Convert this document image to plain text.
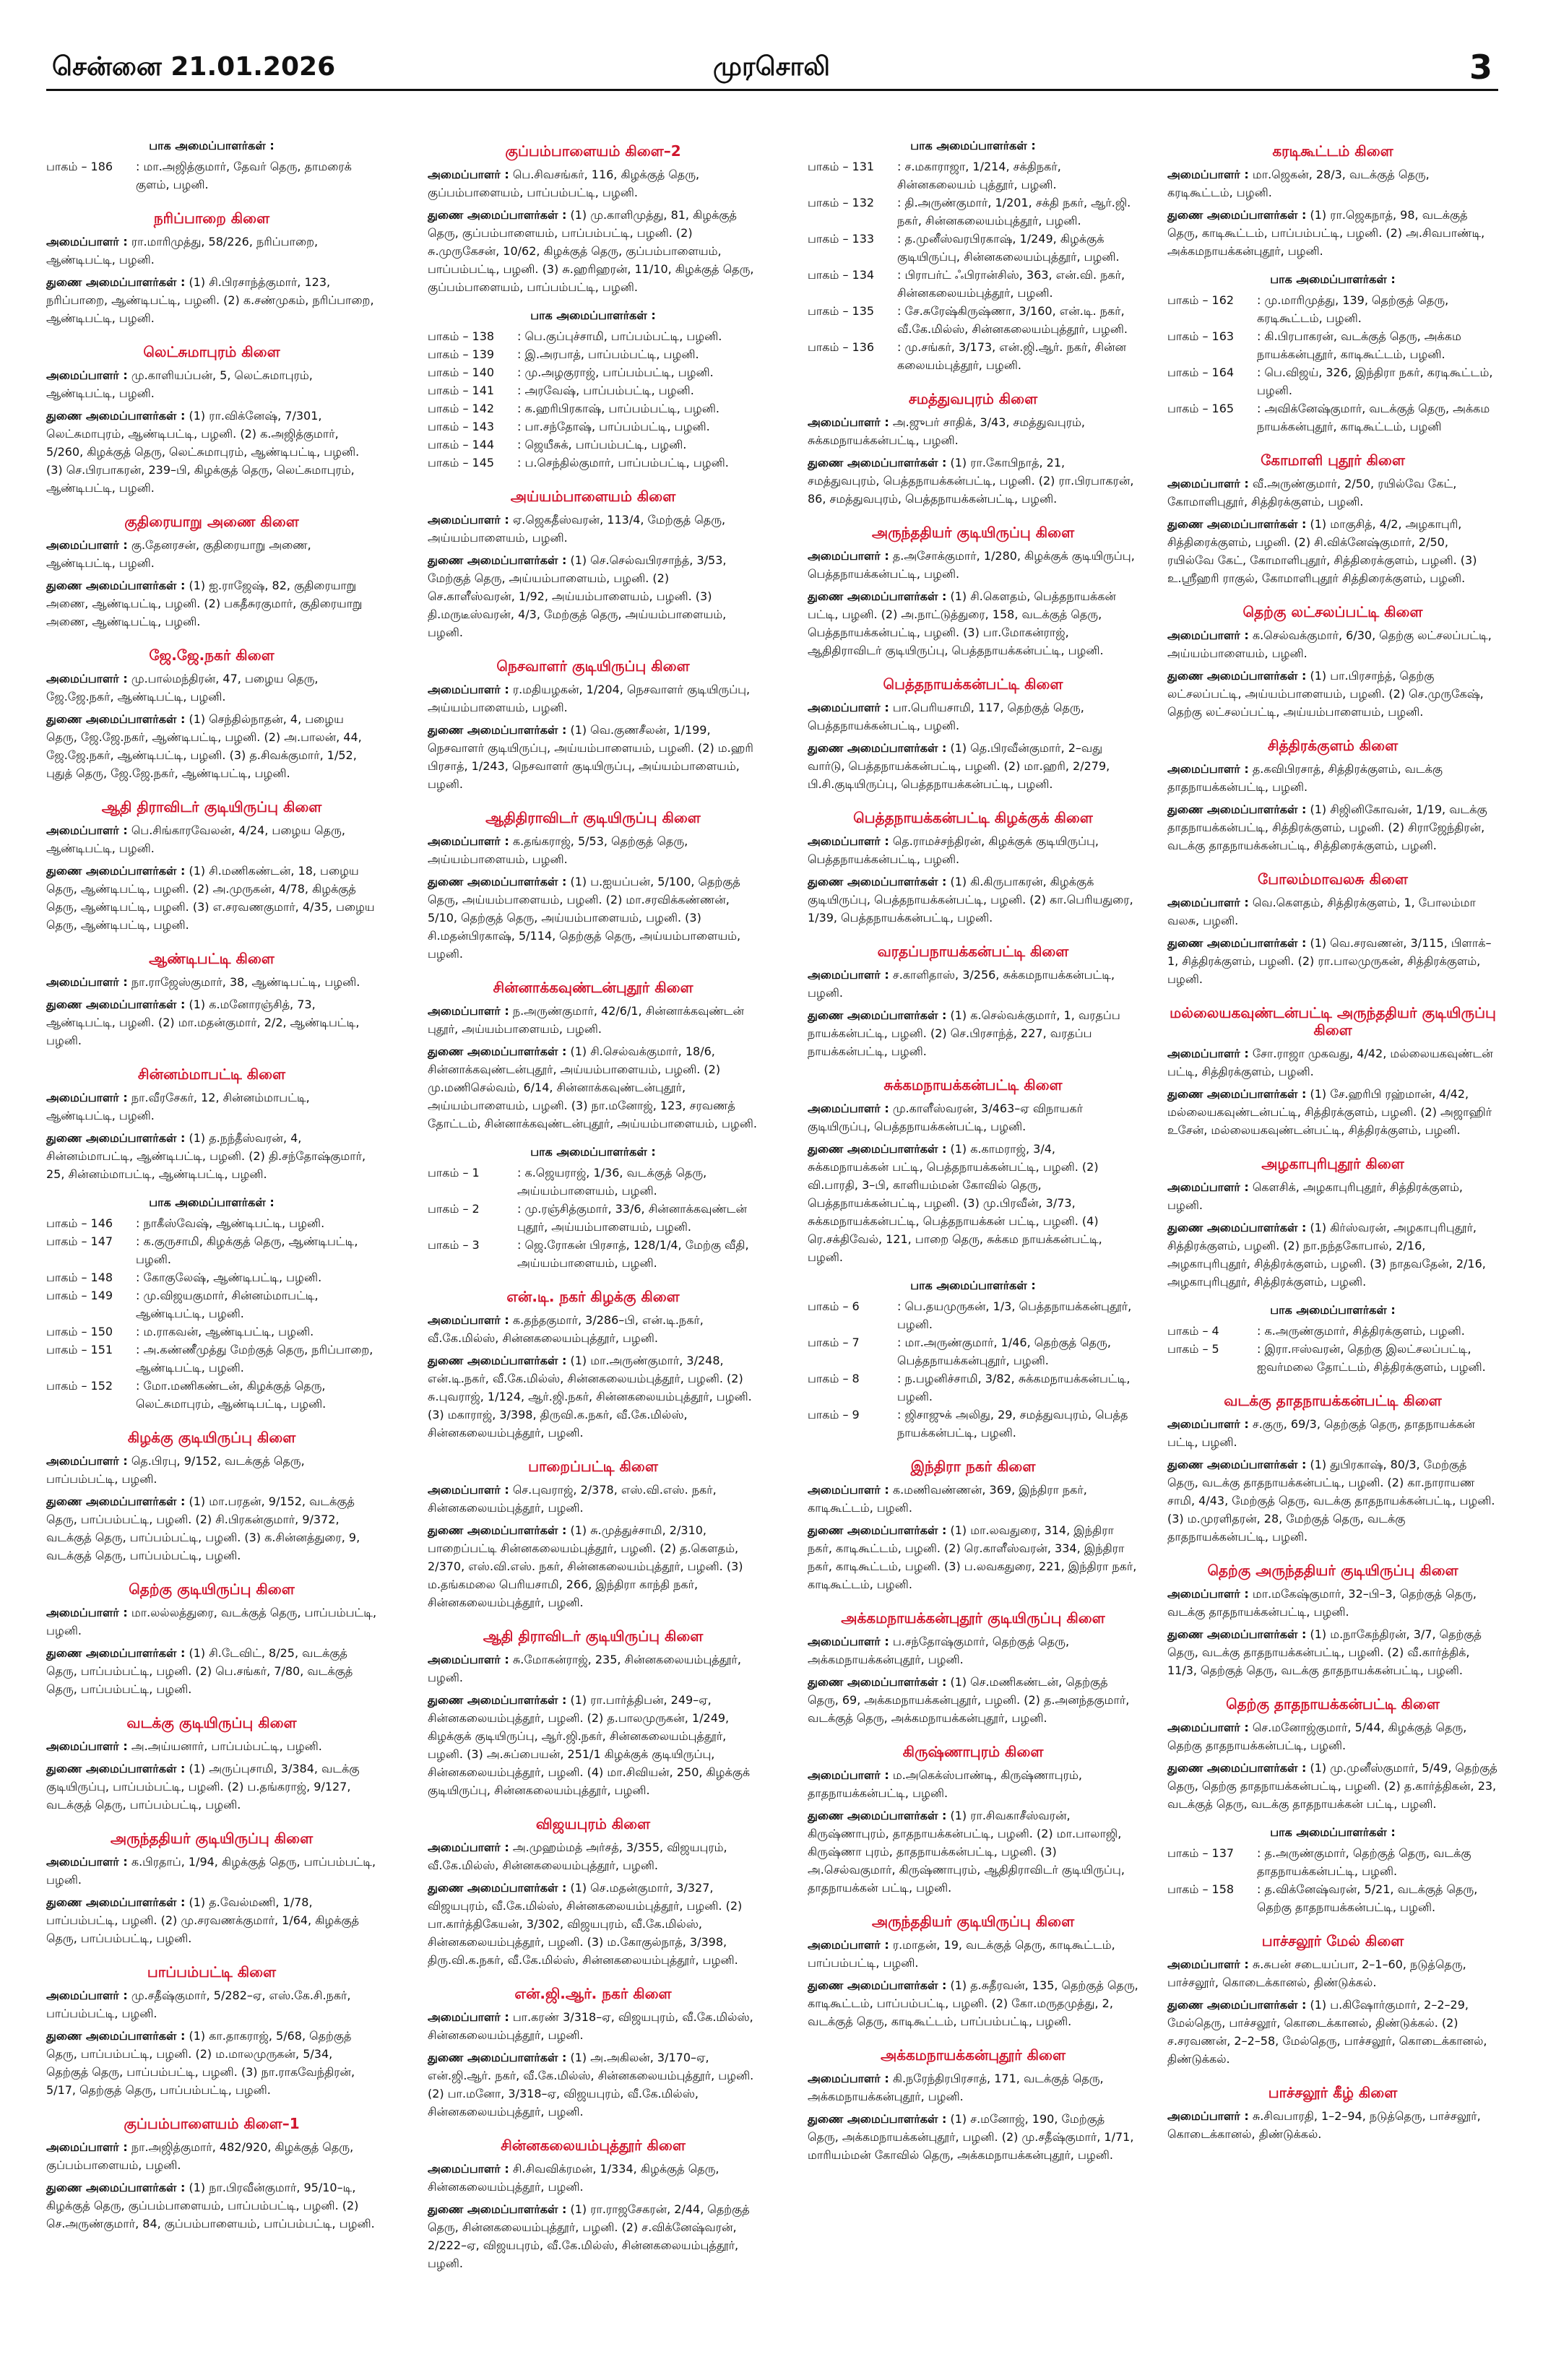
சென்னை 21.01.2026	முரசொலி	3
பாக அமைப்பாளர்கள் :
பாகம் – 186	: மா.அஜித்குமார், தேவர் தெரு, தாமரைக் குளம், பழனி.
நரிப்பாறை கிளை
அமைப்பாளர் : ரா.மாரிமுத்து, 58/226, நரிப்பாறை, ஆண்டிபட்டி, பழனி.
துணை அமைப்பாளர்கள் : (1) சி.பிரசாந்த்குமார், 123, நரிப்பாறை, ஆண்டிபட்டி, பழனி. (2) க.சண்முகம், நரிப்பாறை, ஆண்டிபட்டி, பழனி.
லெட்சுமாபுரம் கிளை
அமைப்பாளர் : மு.காளியப்பன், 5, லெட்சுமாபுரம், ஆண்டிபட்டி, பழனி.
துணை அமைப்பாளர்கள் : (1) ரா.விக்னேஷ், 7/301, லெட்சுமாபுரம், ஆண்டிபட்டி, பழனி. (2) க.அஜித்குமார், 5/260, கிழக்குத் தெரு, லெட்சுமாபுரம், ஆண்டிபட்டி, பழனி. (3) செ.பிரபாகரன், 239–பி, கிழக்குத் தெரு, லெட்சுமாபுரம், ஆண்டிபட்டி, பழனி.
குதிரையாறு அணை கிளை
அமைப்பாளர் : கு.தேனரசன், குதிரையாறு அணை, ஆண்டிபட்டி, பழனி.
துணை அமைப்பாளர்கள் : (1) ஐ.ராஜேஷ், 82, குதிரையாறு அணை, ஆண்டிபட்டி, பழனி. (2) பகதீசுரகுமார், குதிரையாறு அணை, ஆண்டிபட்டி, பழனி.
ஜே.ஜே.நகர் கிளை
அமைப்பாளர் : மு.பால்மந்திரன், 47, பழைய தெரு, ஜே.ஜே.நகர், ஆண்டிபட்டி, பழனி.
துணை அமைப்பாளர்கள் : (1) செந்தில்நாதன், 4, பழைய தெரு, ஜே.ஜே.நகர், ஆண்டிபட்டி, பழனி. (2) அ.பாலன், 44, ஜே.ஜே.நகர், ஆண்டிபட்டி, பழனி. (3) த.சிவக்குமார், 1/52, புதுத் தெரு, ஜே.ஜே.நகர், ஆண்டிபட்டி, பழனி.
ஆதி திராவிடர் குடியிருப்பு கிளை
அமைப்பாளர் : பெ.சிங்காரவேலன், 4/24, பழைய தெரு, ஆண்டிபட்டி, பழனி.
துணை அமைப்பாளர்கள் : (1) சி.மணிகண்டன், 18, பழைய தெரு, ஆண்டிபட்டி, பழனி. (2) அ.முருகன், 4/78, கிழக்குத் தெரு, ஆண்டிபட்டி, பழனி. (3) எ.சரவணகுமார், 4/35, பழைய தெரு, ஆண்டிபட்டி, பழனி.
ஆண்டிபட்டி கிளை
அமைப்பாளர் : நா.ராஜேஸ்குமார், 38, ஆண்டிபட்டி, பழனி.
துணை அமைப்பாளர்கள் : (1) க.மனோரஞ்சித், 73, ஆண்டிபட்டி, பழனி. (2) மா.மதன்குமார், 2/2, ஆண்டிபட்டி, பழனி.
சின்னம்மாபட்டி கிளை
அமைப்பாளர் : நா.வீரசேகர், 12, சின்னம்மாபட்டி, ஆண்டிபட்டி, பழனி.
துணை அமைப்பாளர்கள் : (1) த.நந்தீஸ்வரன், 4, சின்னம்மாபட்டி, ஆண்டிபட்டி, பழனி. (2) தி.சந்தோஷ்குமார், 25, சின்னம்மாபட்டி, ஆண்டிபட்டி, பழனி.
பாக அமைப்பாளர்கள் :
பாகம் – 146	: நாகீஸ்வேஷ், ஆண்டிபட்டி, பழனி.
பாகம் – 147	: க.குருசாமி, கிழக்குத் தெரு, ஆண்டிபட்டி, பழனி.
பாகம் – 148	: கோகுலேஷ், ஆண்டிபட்டி, பழனி.
பாகம் – 149	: மு.விஜயகுமார், சின்னம்மாபட்டி, ஆண்டிபட்டி, பழனி.
பாகம் – 150	: ம.ராகவன், ஆண்டிபட்டி, பழனி.
பாகம் – 151	: அ.கண்ணீமுத்து மேற்குத் தெரு, நரிப்பாறை, ஆண்டிபட்டி, பழனி.
பாகம் – 152	: மோ.மணிகண்டன், கிழக்குத் தெரு, லெட்சுமாபுரம், ஆண்டிபட்டி, பழனி.
கிழக்கு குடியிருப்பு கிளை
அமைப்பாளர் : தெ.பிரபு, 9/152, வடக்குத் தெரு, பாப்பம்பட்டி, பழனி.
துணை அமைப்பாளர்கள் : (1) மா.பரதன், 9/152, வடக்குத் தெரு, பாப்பம்பட்டி, பழனி. (2) சி.பிரகன்குமார், 9/372, வடக்குத் தெரு, பாப்பம்பட்டி, பழனி. (3) க.சின்னத்துரை, 9, வடக்குத் தெரு, பாப்பம்பட்டி, பழனி.
தெற்கு குடியிருப்பு கிளை
அமைப்பாளர் : மா.லல்லத்துரை, வடக்குத் தெரு, பாப்பம்பட்டி, பழனி.
துணை அமைப்பாளர்கள் : (1) சி.டேவிட், 8/25, வடக்குத் தெரு, பாப்பம்பட்டி, பழனி. (2) பெ.சங்கர், 7/80, வடக்குத் தெரு, பாப்பம்பட்டி, பழனி.
வடக்கு குடியிருப்பு கிளை
அமைப்பாளர் : அ.அய்யனார், பாப்பம்பட்டி, பழனி.
துணை அமைப்பாளர்கள் : (1) அருப்புசாமி, 3/384, வடக்கு குடியிருப்பு, பாப்பம்பட்டி, பழனி. (2) ப.தங்கராஜ், 9/127, வடக்குத் தெரு, பாப்பம்பட்டி, பழனி.
அருந்ததியர் குடியிருப்பு கிளை
அமைப்பாளர் : க.பிரதாப், 1/94, கிழக்குத் தெரு, பாப்பம்பட்டி, பழனி.
துணை அமைப்பாளர்கள் : (1) த.வேல்மணி, 1/78, பாப்பம்பட்டி, பழனி. (2) மு.சரவணக்குமார், 1/64, கிழக்குத் தெரு, பாப்பம்பட்டி, பழனி.
பாப்பம்பட்டி கிளை
அமைப்பாளர் : மு.சதீஷ்குமார், 5/282–ஏ, எஸ்.கே.சி.நகர், பாப்பம்பட்டி, பழனி.
துணை அமைப்பாளர்கள் : (1) கா.தாகராஜ், 5/68, தெற்குத் தெரு, பாப்பம்பட்டி, பழனி. (2) ம.மாலமுருகன், 5/34, தெற்குத் தெரு, பாப்பம்பட்டி, பழனி. (3) நா.ராகவேந்திரன், 5/17, தெற்குத் தெரு, பாப்பம்பட்டி, பழனி.
குப்பம்பாளையம் கிளை–1
அமைப்பாளர் : நா.அஜித்குமார், 482/920, கிழக்குத் தெரு, குப்பம்பாளையம், பழனி.
துணை அமைப்பாளர்கள் : (1) நா.பிரவீன்குமார், 95/10–டி, கிழக்குத் தெரு, குப்பம்பாளையம், பாப்பம்பட்டி, பழனி. (2) செ.அருண்குமார், 84, குப்பம்பாளையம், பாப்பம்பட்டி, பழனி.
குப்பம்பாளையம் கிளை–2
அமைப்பாளர் : பெ.சிவசங்கர், 116, கிழக்குத் தெரு, குப்பம்பாளையம், பாப்பம்பட்டி, பழனி.
துணை அமைப்பாளர்கள் : (1) மு.காளிமுத்து, 81, கிழக்குத் தெரு, குப்பம்பாளையம், பாப்பம்பட்டி, பழனி. (2) சு.முருகேசன், 10/62, கிழக்குத் தெரு, குப்பம்பாளையம், பாப்பம்பட்டி, பழனி. (3) சு.ஹரிஹரன், 11/10, கிழக்குத் தெரு, குப்பம்பாளையம், பாப்பம்பட்டி, பழனி.
பாக அமைப்பாளர்கள் :
பாகம் – 138	: பெ.குப்புச்சாமி, பாப்பம்பட்டி, பழனி.
பாகம் – 139	: இ.அரபாத், பாப்பம்பட்டி, பழனி.
பாகம் – 140	: மு.அழகுராஜ், பாப்பம்பட்டி, பழனி.
பாகம் – 141	: அரவேஷ், பாப்பம்பட்டி, பழனி.
பாகம் – 142	: க.ஹரிபிரகாஷ், பாப்பம்பட்டி, பழனி.
பாகம் – 143	: பா.சந்தோஷ், பாப்பம்பட்டி, பழனி.
பாகம் – 144	: ஜெயீசுக், பாப்பம்பட்டி, பழனி.
பாகம் – 145	: ப.செந்தில்குமார், பாப்பம்பட்டி, பழனி.
அய்யம்பாளையம் கிளை
அமைப்பாளர் : ஏ.ஜெகதீஸ்வரன், 113/4, மேற்குத் தெரு, அய்யம்பாளையம், பழனி.
துணை அமைப்பாளர்கள் : (1) செ.செல்வபிரசாந்த், 3/53, மேற்குத் தெரு, அய்யம்பாளையம், பழனி. (2) செ.காளீஸ்வரன், 1/92, அய்யம்பாளையம், பழனி. (3) தி.மருடீஸ்வரன், 4/3, மேற்குத் தெரு, அய்யம்பாளையம், பழனி.
நெசவாளர் குடியிருப்பு கிளை
அமைப்பாளர் : ர.மதியழகன், 1/204, நெசவாளர் குடியிருப்பு, அய்யம்பாளையம், பழனி.
துணை அமைப்பாளர்கள் : (1) வெ.குணசீலன், 1/199, நெசவாளர் குடியிருப்பு, அய்யம்பாளையம், பழனி. (2) ம.ஹரி பிரசாத், 1/243, நெசவாளர் குடியிருப்பு, அய்யம்பாளையம், பழனி.
ஆதிதிராவிடர் குடியிருப்பு கிளை
அமைப்பாளர் : க.தங்கராஜ், 5/53, தெற்குத் தெரு, அய்யம்பாளையம், பழனி.
துணை அமைப்பாளர்கள் : (1) ப.ஐயப்பன், 5/100, தெற்குத் தெரு, அய்யம்பாளையம், பழனி. (2) மா.சரவிக்கண்ணன், 5/10, தெற்குத் தெரு, அய்யம்பாளையம், பழனி. (3) சி.மதன்பிரகாஷ், 5/114, தெற்குத் தெரு, அய்யம்பாளையம், பழனி.
சின்னாக்கவுண்டன்புதூர் கிளை
அமைப்பாளர் : ந.அருண்குமார், 42/6/1, சின்னாக்கவுண்டன் புதூர், அய்யம்பாளையம், பழனி.
துணை அமைப்பாளர்கள் : (1) சி.செல்வக்குமார், 18/6, சின்னாக்கவுண்டன்புதூர், அய்யம்பாளையம், பழனி. (2) மு.மணிசெல்வம், 6/14, சின்னாக்கவுண்டன்புதூர், அய்யம்பாளையம், பழனி. (3) நா.மனோஜ், 123, சரவணத் தோட்டம், சின்னாக்கவுண்டன்புதூர், அய்யம்பாளையம், பழனி.
பாக அமைப்பாளர்கள் :
பாகம் – 1	: க.ஜெயராஜ், 1/36, வடக்குத் தெரு, அய்யம்பாளையம், பழனி.
பாகம் – 2	: மு.ரஞ்சித்குமார், 33/6, சின்னாக்கவுண்டன் புதூர், அய்யம்பாளையம், பழனி.
பாகம் – 3	: ஜெ.ரோகன் பிரசாத், 128/1/4, மேற்கு வீதி, அய்யம்பாளையம், பழனி.
என்.டி. நகர் கிழக்கு கிளை
அமைப்பாளர் : க.தந்தகுமார், 3/286–பி, என்.டி.நகர், வீ.கே.மில்ஸ், சின்னகலையம்புத்தூர், பழனி.
துணை அமைப்பாளர்கள் : (1) மா.அருண்குமார், 3/248, என்.டி.நகர், வீ.கே.மில்ஸ், சின்னகலையம்புத்தூர், பழனி. (2) சு.புவராஜ், 1/124, ஆர்.ஜி.நகர், சின்னகலையம்புத்தூர், பழனி. (3) மகாராஜ், 3/398, திருவி.க.நகர், வீ.கே.மில்ஸ், சின்னகலையம்புத்தூர், பழனி.
பாறைப்பட்டி கிளை
அமைப்பாளர் : செ.புவராஜ், 2/378, எஸ்.வி.எஸ். நகர், சின்னகலையம்புத்தூர், பழனி.
துணை அமைப்பாளர்கள் : (1) சு.முத்துச்சாமி, 2/310, பாறைப்பட்டி சின்னகலையம்புத்தூர், பழனி. (2) த.கௌதம், 2/370, எஸ்.வி.எஸ். நகர், சின்னகலையம்புத்தூர், பழனி. (3) ம.தங்கமலை பெரியசாமி, 266, இந்திரா காந்தி நகர், சின்னகலையம்புத்தூர், பழனி.
ஆதி திராவிடர் குடியிருப்பு கிளை
அமைப்பாளர் : சு.மோகன்ராஜ், 235, சின்னகலையம்புத்தூர், பழனி.
துணை அமைப்பாளர்கள் : (1) ரா.பார்த்திபன், 249–ஏ, சின்னகலையம்புத்தூர், பழனி. (2) த.பாலமுருகன், 1/249, கிழக்குக் குடியிருப்பு, ஆர்.ஜி.நகர், சின்னகலையம்புத்தூர், பழனி. (3) அ.சுப்பையன், 251/1 கிழக்குக் குடியிருப்பு, சின்னகலையம்புத்தூர், பழனி. (4) மா.சிவியன், 250, கிழக்குக் குடியிருப்பு, சின்னகலையம்புத்தூர், பழனி.
விஜயபுரம் கிளை
அமைப்பாளர் : அ.முஹம்மத் அர்சத், 3/355, விஜயபுரம், வீ.கே.மில்ஸ், சின்னகலையம்புத்தூர், பழனி.
துணை அமைப்பாளர்கள் : (1) செ.மதன்குமார், 3/327, விஜயபுரம், வீ.கே.மில்ஸ், சின்னகலையம்புத்தூர், பழனி. (2) பா.கார்த்திகேயன், 3/302, விஜயபுரம், வீ.கே.மில்ஸ், சின்னகலையம்புத்தூர், பழனி. (3) ம.கோகுல்நாத், 3/398, திரு.வி.க.நகர், வீ.கே.மில்ஸ், சின்னகலையம்புத்தூர், பழனி.
என்.ஜி.ஆர். நகர் கிளை
அமைப்பாளர் : பா.கரண் 3/318–ஏ, விஜயபுரம், வீ.கே.மில்ஸ், சின்னகலையம்புத்தூர், பழனி.
துணை அமைப்பாளர்கள் : (1) அ.அகிலன், 3/170–ஏ, என்.ஜி.ஆர். நகர், வீ.கே.மில்ஸ், சின்னகலையம்புத்தூர், பழனி. (2) பா.மனோ, 3/318–ஏ, விஜயபுரம், வீ.கே.மில்ஸ், சின்னகலையம்புத்தூர், பழனி.
சின்னகலையம்புத்தூர் கிளை
அமைப்பாளர் : சி.சிவவிக்ரமன், 1/334, கிழக்குத் தெரு, சின்னகலையம்புத்தூர், பழனி.
துணை அமைப்பாளர்கள் : (1) ரா.ராஜசேகரன், 2/44, தெற்குத் தெரு, சின்னகலையம்புத்தூர், பழனி. (2) ச.விக்னேஷ்வரன், 2/222–ஏ, விஜயபுரம், வீ.கே.மில்ஸ், சின்னகலையம்புத்தூர், பழனி.
பாக அமைப்பாளர்கள் :
பாகம் – 131	: ச.மகாராஜா, 1/214, சக்திநகர், சின்னகலையம் புத்தூர், பழனி.
பாகம் – 132	: தி.அருண்குமார், 1/201, சக்தி நகர், ஆர்.ஜி. நகர், சின்னகலையம்புத்தூர், பழனி.
பாகம் – 133	: த.முனீஸ்வரபிரகாஷ், 1/249, கிழக்குக் குடியிருப்பு, சின்னகலையம்புத்தூர், பழனி.
பாகம் – 134	: பிராபர்ட் ஃபிரான்சிஸ், 363, என்.வி. நகர், சின்னகலையம்புத்தூர், பழனி.
பாகம் – 135	: சே.சுரேஷ்கிருஷ்ணா, 3/160, என்.டி. நகர், வீ.கே.மில்ஸ், சின்னகலையம்புத்தூர், பழனி.
பாகம் – 136	: மு.சங்கர், 3/173, என்.ஜி.ஆர். நகர், சின்ன கலையம்புத்தூர், பழனி.
சமத்துவபுரம் கிளை
அமைப்பாளர் : அ.ஜுபர் சாதிக், 3/43, சமத்துவபுரம், சுக்கமநாயக்கன்பட்டி, பழனி.
துணை அமைப்பாளர்கள் : (1) ரா.கோபிநாத், 21, சமத்துவபுரம், பெத்தநாயக்கன்பட்டி, பழனி. (2) ரா.பிரபாகரன், 86, சமத்துவபுரம், பெத்தநாயக்கன்பட்டி, பழனி.
அருந்ததியர் குடியிருப்பு கிளை
அமைப்பாளர் : த.அசோக்குமார், 1/280, கிழக்குக் குடியிருப்பு, பெத்தநாயக்கன்பட்டி, பழனி.
துணை அமைப்பாளர்கள் : (1) சி.கௌதம், பெத்தநாயக்கன் பட்டி, பழனி. (2) அ.நாட்டுத்துரை, 158, வடக்குத் தெரு, பெத்தநாயக்கன்பட்டி, பழனி. (3) பா.மோகன்ராஜ், ஆதிதிராவிடர் குடியிருப்பு, பெத்தநாயக்கன்பட்டி, பழனி.
பெத்தநாயக்கன்பட்டி கிளை
அமைப்பாளர் : பா.பெரியசாமி, 117, தெற்குத் தெரு, பெத்தநாயக்கன்பட்டி, பழனி.
துணை அமைப்பாளர்கள் : (1) தெ.பிரவீன்குமார், 2–வது வார்டு, பெத்தநாயக்கன்பட்டி, பழனி. (2) மா.ஹரி, 2/279, பி.சி.குடியிருப்பு, பெத்தநாயக்கன்பட்டி, பழனி.
பெத்தநாயக்கன்பட்டி கிழக்குக் கிளை
அமைப்பாளர் : தெ.ராமச்சந்திரன், கிழக்குக் குடியிருப்பு, பெத்தநாயக்கன்பட்டி, பழனி.
துணை அமைப்பாளர்கள் : (1) கி.கிருபாகரன், கிழக்குக் குடியிருப்பு, பெத்தநாயக்கன்பட்டி, பழனி. (2) கா.பெரியதுரை, 1/39, பெத்தநாயக்கன்பட்டி, பழனி.
வரதப்பநாயக்கன்பட்டி கிளை
அமைப்பாளர் : ச.காளிதாஸ், 3/256, சுக்கமநாயக்கன்பட்டி, பழனி.
துணை அமைப்பாளர்கள் : (1) க.செல்வக்குமார், 1, வரதப்ப நாயக்கன்பட்டி, பழனி. (2) செ.பிரசாந்த், 227, வரதப்ப நாயக்கன்பட்டி, பழனி.
சுக்கமநாயக்கன்பட்டி கிளை
அமைப்பாளர் : மு.காளீஸ்வரன், 3/463–ஏ விநாயகர் குடியிருப்பு, பெத்தநாயக்கன்பட்டி, பழனி.
துணை அமைப்பாளர்கள் : (1) க.காமராஜ், 3/4, சுக்கமநாயக்கன் பட்டி, பெத்தநாயக்கன்பட்டி, பழனி. (2) வி.பாரதி, 3–பி, காளியம்மன் கோவில் தெரு, பெத்தநாயக்கன்பட்டி, பழனி. (3) மு.பிரவீன், 3/73, சுக்கமநாயக்கன்பட்டி, பெத்தநாயக்கன் பட்டி, பழனி. (4) ரெ.சக்திவேல், 121, பாறை தெரு, சுக்கம நாயக்கன்பட்டி, பழனி.
பாக அமைப்பாளர்கள் :
பாகம் – 6	: பெ.தயமுருகன், 1/3, பெத்தநாயக்கன்புதூர், பழனி.
பாகம் – 7	: மா.அருண்குமார், 1/46, தெற்குத் தெரு, பெத்தநாயக்கன்புதூர், பழனி.
பாகம் – 8	: ந.பழனிச்சாமி, 3/82, சுக்கமநாயக்கன்பட்டி, பழனி.
பாகம் – 9	: ஜிசாஜுக் அலிது, 29, சமத்துவபுரம், பெத்த நாயக்கன்பட்டி, பழனி.
இந்திரா நகர் கிளை
அமைப்பாளர் : க.மணிவண்ணன், 369, இந்திரா நகர், காடிகூட்டம், பழனி.
துணை அமைப்பாளர்கள் : (1) மா.லவதுரை, 314, இந்திரா நகர், காடிகூட்டம், பழனி. (2) ரெ.காளீஸ்வரன், 334, இந்திரா நகர், காடிகூட்டம், பழனி. (3) ப.லவகதுரை, 221, இந்திரா நகர், காடிகூட்டம், பழனி.
அக்கமநாயக்கன்புதூர் குடியிருப்பு கிளை
அமைப்பாளர் : ப.சந்தோஷ்குமார், தெற்குத் தெரு, அக்கமநாயக்கன்புதூர், பழனி.
துணை அமைப்பாளர்கள் : (1) செ.மணிகண்டன், தெற்குத் தெரு, 69, அக்கமநாயக்கன்புதூர், பழனி. (2) த.அனந்தகுமார், வடக்குத் தெரு, அக்கமநாயக்கன்புதூர், பழனி.
கிருஷ்ணாபுரம் கிளை
அமைப்பாளர் : ம.அகெக்ஸ்பாண்டி, கிருஷ்ணாபுரம், தாதநாயக்கன்பட்டி, பழனி.
துணை அமைப்பாளர்கள் : (1) ரா.சிவகாசீஸ்வரன், கிருஷ்ணாபுரம், தாதநாயக்கன்பட்டி, பழனி. (2) மா.பாலாஜி, கிருஷ்ணா புரம், தாதநாயக்கன்பட்டி, பழனி. (3) அ.செல்வகுமார், கிருஷ்ணாபுரம், ஆதிதிராவிடர் குடியிருப்பு, தாதநாயக்கன் பட்டி, பழனி.
அருந்ததியர் குடியிருப்பு கிளை
அமைப்பாளர் : ர.மாதன், 19, வடக்குத் தெரு, காடிகூட்டம், பாப்பம்பட்டி, பழனி.
துணை அமைப்பாளர்கள் : (1) த.சுதீரவன், 135, தெற்குத் தெரு, காடிகூட்டம், பாப்பம்பட்டி, பழனி. (2) கோ.மருதமுத்து, 2, வடக்குத் தெரு, காடிகூட்டம், பாப்பம்பட்டி, பழனி.
அக்கமநாயக்கன்புதூர் கிளை
அமைப்பாளர் : கி.நரேந்திரபிரசாத், 171, வடக்குத் தெரு, அக்கமநாயக்கன்புதூர், பழனி.
துணை அமைப்பாளர்கள் : (1) ச.மனோஜ், 190, மேற்குத் தெரு, அக்கமநாயக்கன்புதூர், பழனி. (2) மு.சதீஷ்குமார், 1/71, மாரியம்மன் கோவில் தெரு, அக்கமநாயக்கன்புதூர், பழனி.
கரடிகூட்டம் கிளை
அமைப்பாளர் : மா.ஜெகன், 28/3, வடக்குத் தெரு, கரடிகூட்டம், பழனி.
துணை அமைப்பாளர்கள் : (1) ரா.ஜெகநாத், 98, வடக்குத் தெரு, காடிகூட்டம், பாப்பம்பட்டி, பழனி. (2) அ.சிவபாண்டி, அக்கமநாயக்கன்புதூர், பழனி.
பாக அமைப்பாளர்கள் :
பாகம் – 162	: மு.மாரிமுத்து, 139, தெற்குத் தெரு, கரடிகூட்டம், பழனி.
பாகம் – 163	: கி.பிரபாகரன், வடக்குத் தெரு, அக்கம நாயக்கன்புதூர், காடிகூட்டம், பழனி.
பாகம் – 164	: பெ.விஜய், 326, இந்திரா நகர், கரடிகூட்டம், பழனி.
பாகம் – 165	: அவிக்னேஷ்குமார், வடக்குத் தெரு, அக்கம நாயக்கன்புதூர், காடிகூட்டம், பழனி
கோமாளி புதூர் கிளை
அமைப்பாளர் : வீ.அருண்குமார், 2/50, ரயில்வே கேட், கோமாளிபுதூர், சித்திரக்குளம், பழனி.
துணை அமைப்பாளர்கள் : (1) மாகுசித், 4/2, அழகாபுரி, சித்திரைக்குளம், பழனி. (2) சி.விக்னேஷ்குமார், 2/50, ரயில்வே கேட், கோமாளிபுதூர், சித்திரைக்குளம், பழனி. (3) உ.ஸ்ரீஹரி ராகுல், கோமாளிபுதூர் சித்திரைக்குளம், பழனி.
தெற்கு லட்சலப்பட்டி கிளை
அமைப்பாளர் : க.செல்வக்குமார், 6/30, தெற்கு லட்சலப்பட்டி, அய்யம்பாளையம், பழனி.
துணை அமைப்பாளர்கள் : (1) பா.பிரசாந்த், தெற்கு லட்சலப்பட்டி, அய்யம்பாளையம், பழனி. (2) செ.முருகேஷ், தெற்கு லட்சலப்பட்டி, அய்யம்பாளையம், பழனி.
சித்திரக்குளம் கிளை
அமைப்பாளர் : த.கவிபிரசாத், சித்திரக்குளம், வடக்கு தாதநாயக்கன்பட்டி, பழனி.
துணை அமைப்பாளர்கள் : (1) சிஜினிகோவன், 1/19, வடக்கு தாதநாயக்கன்பட்டி, சித்திரக்குளம், பழனி. (2) சிராஜேந்திரன், வடக்கு தாதநாயக்கன்பட்டி, சித்திரைக்குளம், பழனி.
போலம்மாவலசு கிளை
அமைப்பாளர் : வெ.கௌதம், சித்திரக்குளம், 1, போலம்மா வலசு, பழனி.
துணை அமைப்பாளர்கள் : (1) வெ.சரவணன், 3/115, பிளாக்–1, சித்திரக்குளம், பழனி. (2) ரா.பாலமுருகன், சித்திரக்குளம், பழனி.
மல்லையகவுண்டன்பட்டி அருந்ததியர் குடியிருப்பு கிளை
அமைப்பாளர் : சோ.ராஜா முகவது, 4/42, மல்லையகவுண்டன் பட்டி, சித்திரக்குளம், பழனி.
துணை அமைப்பாளர்கள் : (1) சே.ஹரிபி ரஹ்மான், 4/42, மல்லையகவுண்டன்பட்டி, சித்திரக்குளம், பழனி. (2) அஜாஹிர் உசேன், மல்லையகவுண்டன்பட்டி, சித்திரக்குளம், பழனி.
அழகாபுரிபுதூர் கிளை
அமைப்பாளர் : கௌசிக், அழகாபுரிபுதூர், சித்திரக்குளம், பழனி.
துணை அமைப்பாளர்கள் : (1) கிர்ஸ்வரன், அழகாபுரிபுதூர், சித்திரக்குளம், பழனி. (2) நா.நந்தகோபால், 2/16, அழகாபுரிபுதூர், சித்திரக்குளம், பழனி. (3) நாதவதேன், 2/16, அழகாபுரிபுதூர், சித்திரக்குளம், பழனி.
பாக அமைப்பாளர்கள் :
பாகம் – 4	: க.அருண்குமார், சித்திரக்குளம், பழனி.
பாகம் – 5	: இரா.ஈஸ்வரன், தெற்கு இலட்சலப்பட்டி, ஐவர்மலை தோட்டம், சித்திரக்குளம், பழனி.
வடக்கு தாதநாயக்கன்பட்டி கிளை
அமைப்பாளர் : ச.குரு, 69/3, தெற்குத் தெரு, தாதநாயக்கன் பட்டி, பழனி.
துணை அமைப்பாளர்கள் : (1) துபிரகாஷ், 80/3, மேற்குத் தெரு, வடக்கு தாதநாயக்கன்பட்டி, பழனி. (2) கா.நாராயண சாமி, 4/43, மேற்குத் தெரு, வடக்கு தாதநாயக்கன்பட்டி, பழனி. (3) ம.முரளிதரன், 28, மேற்குத் தெரு, வடக்கு தாதநாயக்கன்பட்டி, பழனி.
தெற்கு அருந்ததியர் குடியிருப்பு கிளை
அமைப்பாளர் : மா.மகேஷ்குமார், 32–பி–3, தெற்குத் தெரு, வடக்கு தாதநாயக்கன்பட்டி, பழனி.
துணை அமைப்பாளர்கள் : (1) ம.நாகேந்திரன், 3/7, தெற்குத் தெரு, வடக்கு தாதநாயக்கன்பட்டி, பழனி. (2) வீ.கார்த்திக், 11/3, தெற்குத் தெரு, வடக்கு தாதநாயக்கன்பட்டி, பழனி.
தெற்கு தாதநாயக்கன்பட்டி கிளை
அமைப்பாளர் : செ.மனோஜ்குமார், 5/44, கிழக்குத் தெரு, தெற்கு தாதநாயக்கன்பட்டி, பழனி.
துணை அமைப்பாளர்கள் : (1) மு.முனீஸ்குமார், 5/49, தெற்குத் தெரு, தெற்கு தாதநாயக்கன்பட்டி, பழனி. (2) த.கார்த்திகன், 23, வடக்குத் தெரு, வடக்கு தாதநாயக்கன் பட்டி, பழனி.
பாக அமைப்பாளர்கள் :
பாகம் – 137	: த.அருண்குமார், தெற்குத் தெரு, வடக்கு தாதநாயக்கன்பட்டி, பழனி.
பாகம் – 158	: த.விக்னேஷ்வரன், 5/21, வடக்குத் தெரு, தெற்கு தாதநாயக்கன்பட்டி, பழனி.
பாச்சலூர் மேல் கிளை
அமைப்பாளர் : சு.சுபன் சடையப்பா, 2–1–60, நடுத்தெரு, பாச்சலூர், கொடைக்கானல், திண்டுக்கல்.
துணை அமைப்பாளர்கள் : (1) ப.கிஷோர்குமார், 2–2–29, மேல்தெரு, பாச்சலூர், கொடைக்கானல், திண்டுக்கல். (2) ச.சரவணன், 2–2–58, மேல்தெரு, பாச்சலூர், கொடைக்கானல், திண்டுக்கல்.
பாச்சலூர் கீழ் கிளை
அமைப்பாளர் : சு.சிவபாரதி, 1–2–94, நடுத்தெரு, பாச்சலூர், கொடைக்கானல், திண்டுக்கல்.
